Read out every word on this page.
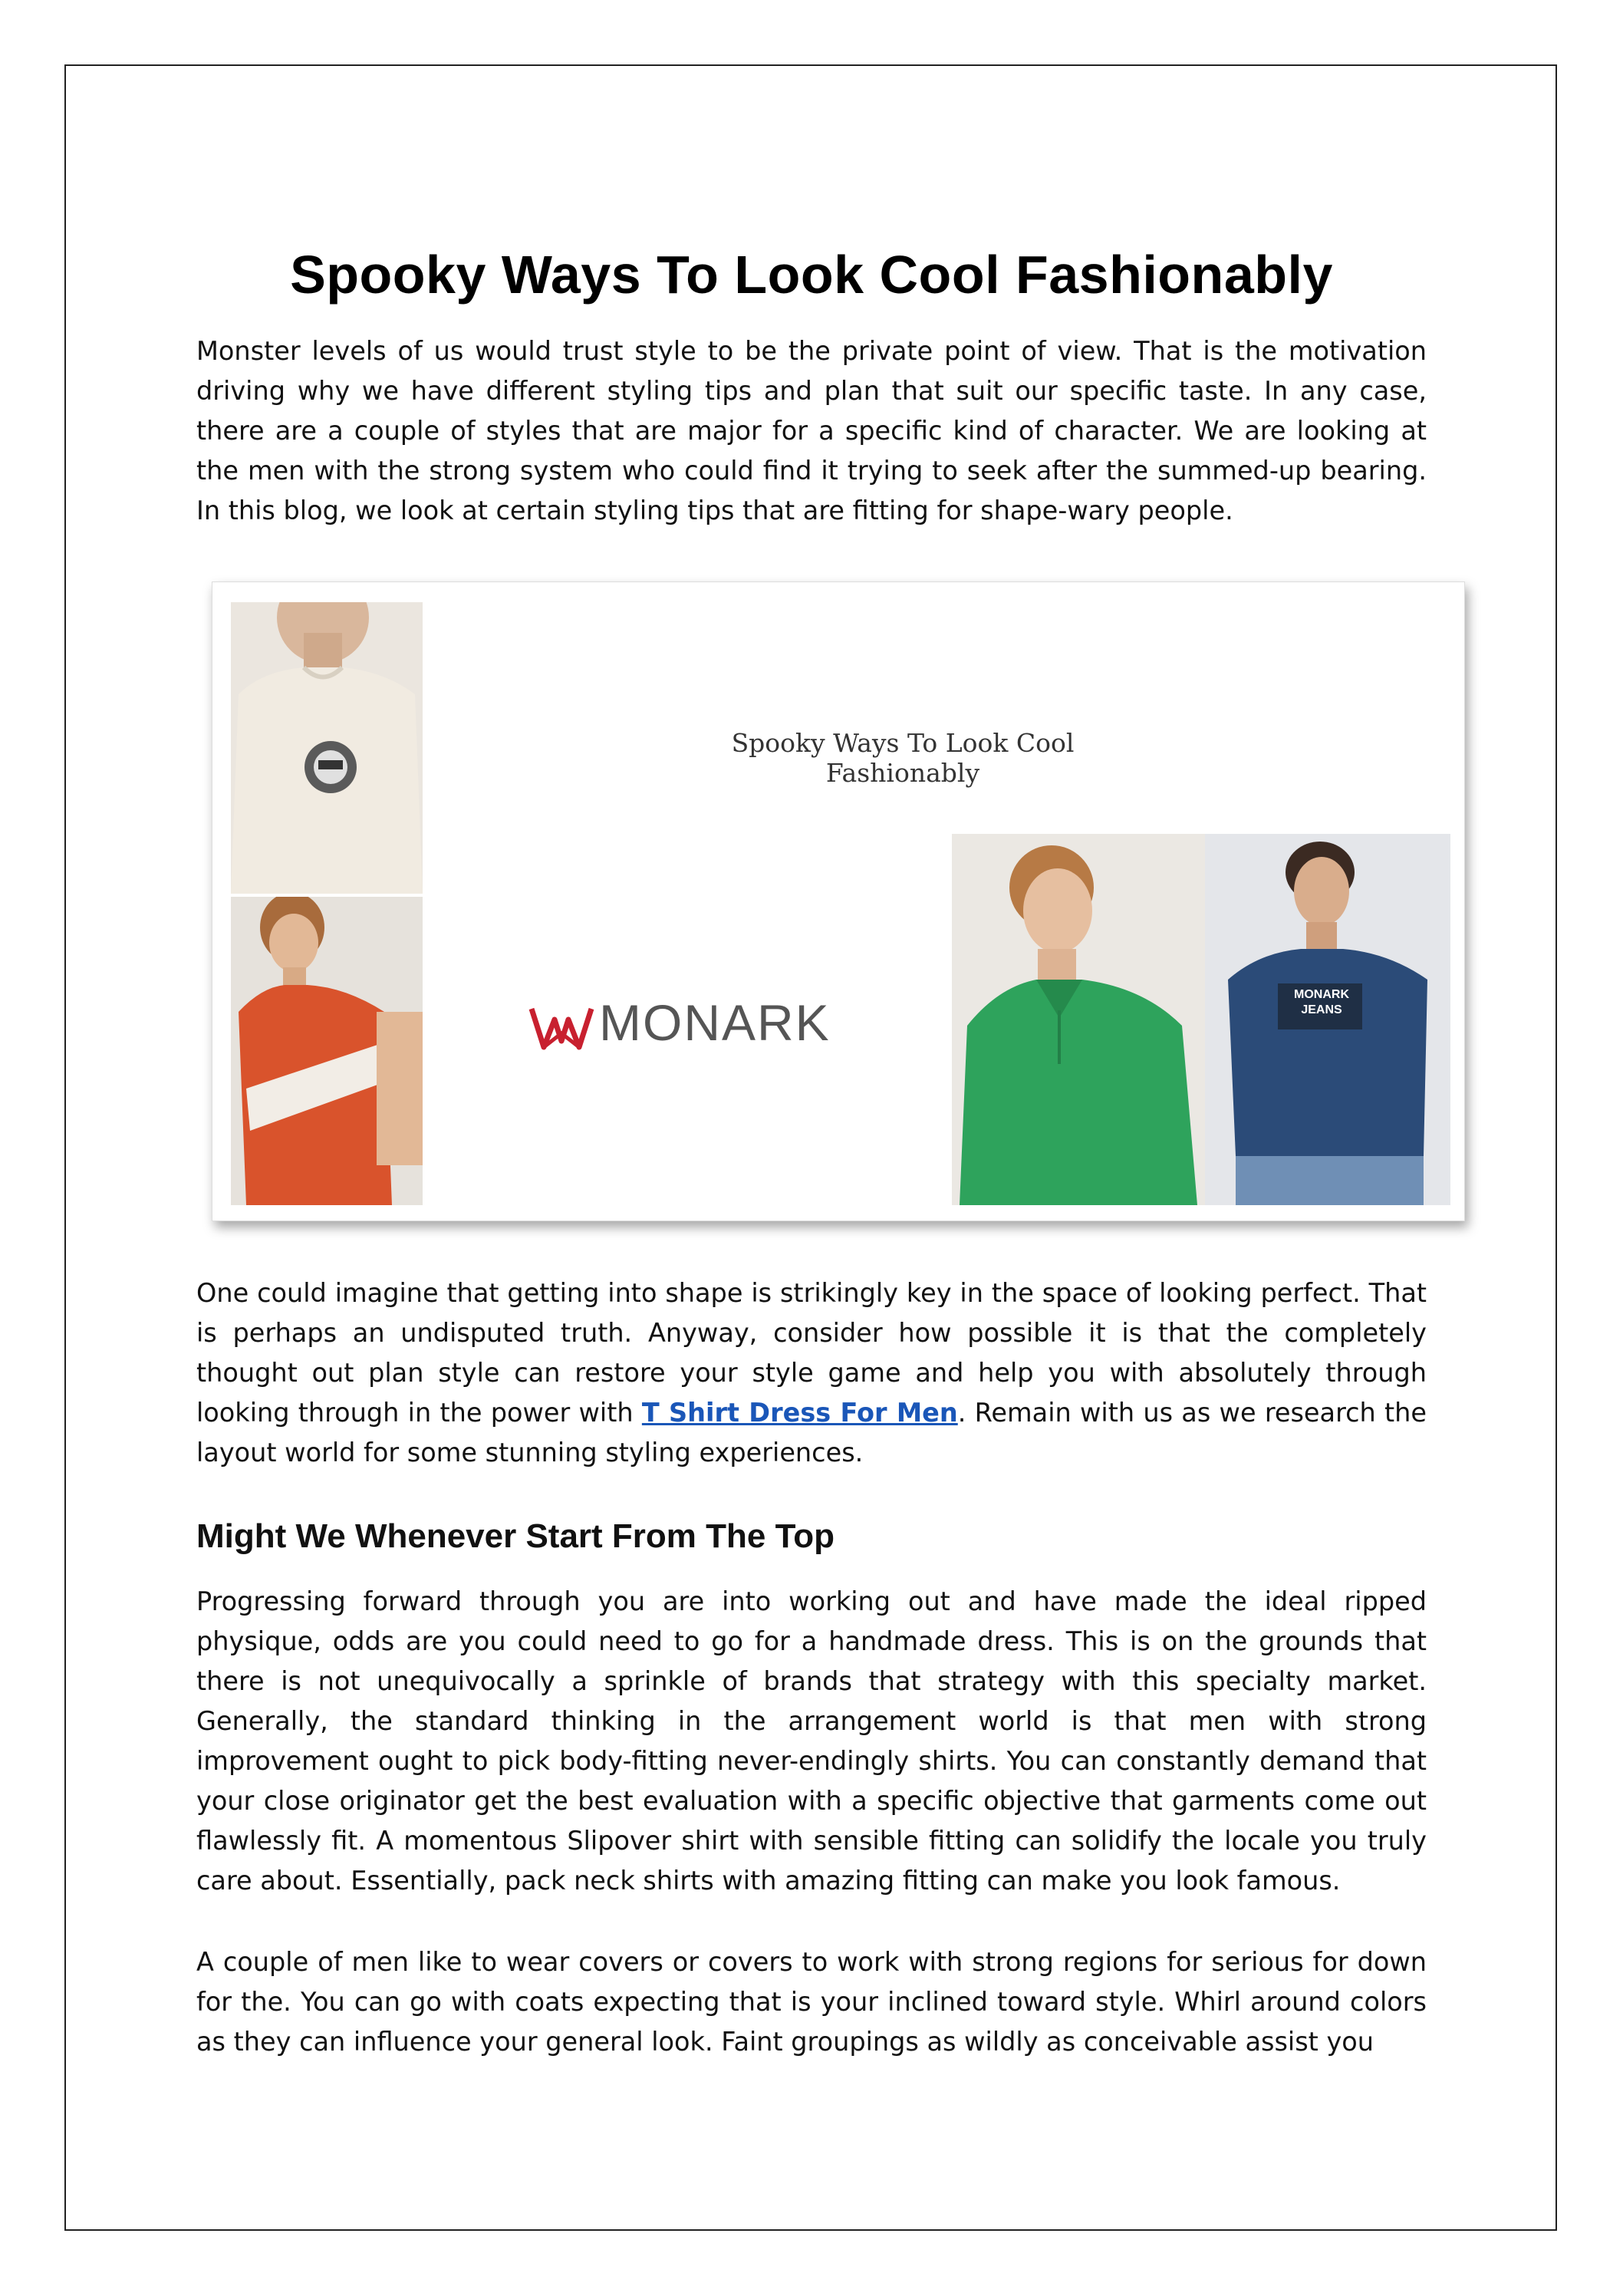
Spooky Ways To Look Cool Fashionably

Monster levels of us would trust style to be the private point of view. That is the motivation driving why we have different styling tips and plan that suit our specific taste. In any case, there are a couple of styles that are major for a specific kind of character. We are looking at the men with the strong system who could find it trying to seek after the summed-up bearing. In this blog, we look at certain styling tips that are fitting for shape-wary people.

Spooky Ways To Look Cool Fashionably
MONARK	MONARK JEANS

One could imagine that getting into shape is strikingly key in the space of looking perfect. That is perhaps an undisputed truth. Anyway, consider how possible it is that the completely thought out plan style can restore your style game and help you with absolutely through looking through in the power with T Shirt Dress For Men. Remain with us as we research the layout world for some stunning styling experiences.

Might We Whenever Start From The Top

Progressing forward through you are into working out and have made the ideal ripped physique, odds are you could need to go for a handmade dress. This is on the grounds that there is not unequivocally a sprinkle of brands that strategy with this specialty market. Generally, the standard thinking in the arrangement world is that men with strong improvement ought to pick body-fitting never-endingly shirts. You can constantly demand that your close originator get the best evaluation with a specific objective that garments come out flawlessly fit. A momentous Slipover shirt with sensible fitting can solidify the locale you truly care about. Essentially, pack neck shirts with amazing fitting can make you look famous.

A couple of men like to wear covers or covers to work with strong regions for serious for down for the. You can go with coats expecting that is your inclined toward style. Whirl around colors as they can influence your general look. Faint groupings as wildly as conceivable assist you
